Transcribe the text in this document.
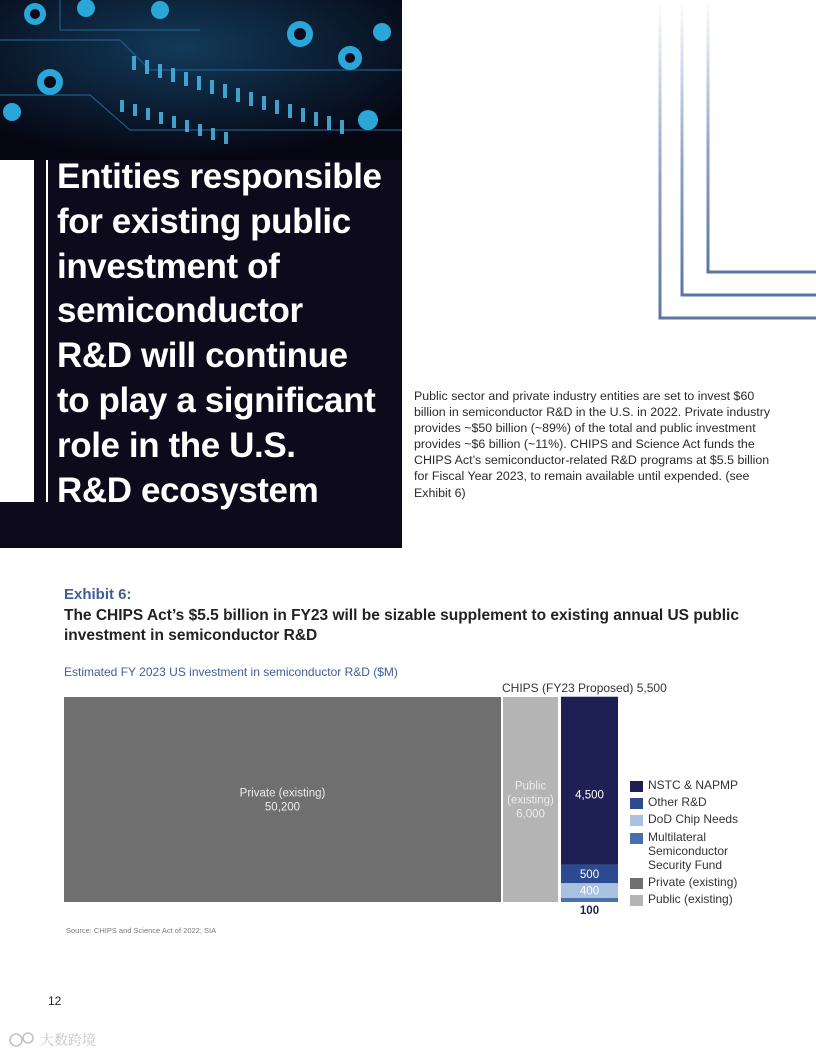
Entities responsible
for existing public
investment of
semiconductor
R&D will continue
to play a significant
role in the U.S.
R&D ecosystem

Public sector and private industry entities are set to invest $60 billion in semiconductor R&D in the U.S. in 2022. Private industry provides ~$50 billion (~89%) of the total and public investment provides ~$6 billion (~11%). CHIPS and Science Act funds the CHIPS Act’s semiconductor-related R&D programs at $5.5 billion for Fiscal Year 2023, to remain available until expended. (see Exhibit 6)

Exhibit 6:
The CHIPS Act’s $5.5 billion in FY23 will be sizable supplement to existing annual US public investment in semiconductor R&D
Estimated FY 2023 US investment in semiconductor R&D ($M)
CHIPS (FY23 Proposed) 5,500
Private (existing) 50,200
Public (existing) 6,000
100
400
500
4,500
NSTC & NAPMP
Other R&D
DoD Chip Needs
Multilateral Semiconductor Security Fund
Private (existing)
Public (existing)
Source: CHIPS and Science Act of 2022; SIA
12
大数跨境
